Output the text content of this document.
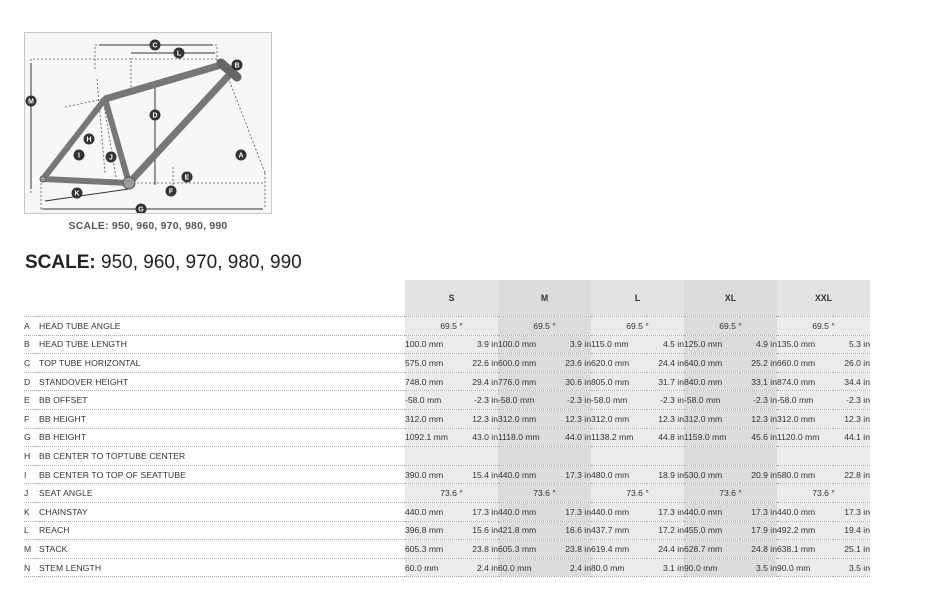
C
L
B
M
D
H
I	J	A
E
F
K
G
SCALE: 950, 960, 970, 980, 990
SCALE: 950, 960, 970, 980, 990
		S		M		L		XL		XXL	
A	HEAD TUBE ANGLE	69.5 °		69.5 °		69.5 °		69.5 °		69.5 °	
B	HEAD TUBE LENGTH	100.0 mm	3.9 in	100.0 mm	3.9 in	115.0 mm	4.5 in	125.0 mm	4.9 in	135.0 mm	5.3 in
C	TOP TUBE HORIZONTAL	575.0 mm	22.6 in	600.0 mm	23.6 in	620.0 mm	24.4 in	640.0 mm	25.2 in	660.0 mm	26.0 in
D	STANDOVER HEIGHT	748.0 mm	29.4 in	776.0 mm	30.6 in	805.0 mm	31.7 in	840.0 mm	33.1 in	874.0 mm	34.4 in
E	BB OFFSET	-58.0 mm	-2.3 in	-58.0 mm	-2.3 in	-58.0 mm	-2.3 in	-58.0 mm	-2.3 in	-58.0 mm	-2.3 in
F	BB HEIGHT	312.0 mm	12.3 in	312.0 mm	12.3 in	312.0 mm	12.3 in	312.0 mm	12.3 in	312.0 mm	12.3 in
G	BB HEIGHT	1092.1 mm	43.0 in	1118.0 mm	44.0 in	1138.2 mm	44.8 in	1159.0 mm	45.6 in	1120.0 mm	44.1 in
H	BB CENTER TO TOPTUBE CENTER										
I	BB CENTER TO TOP OF SEATTUBE	390.0 mm	15.4 in	440.0 mm	17.3 in	480.0 mm	18.9 in	530.0 mm	20.9 in	580.0 mm	22.8 in
J	SEAT ANGLE	73.6 °		73.6 °		73.6 °		73.6 °		73.6 °	
K	CHAINSTAY	440.0 mm	17.3 in	440.0 mm	17.3 in	440.0 mm	17.3 in	440.0 mm	17.3 in	440.0 mm	17.3 in
L	REACH	396.8 mm	15.6 in	421.8 mm	16.6 in	437.7 mm	17.2 in	455.0 mm	17.9 in	492.2 mm	19.4 in
M	STACK	605.3 mm	23.8 in	605.3 mm	23.8 in	619.4 mm	24.4 in	628.7 mm	24.8 in	638.1 mm	25.1 in
N	STEM LENGTH	60.0 mm	2.4 in	60.0 mm	2.4 in	80.0 mm	3.1 in	90.0 mm	3.5 in	90.0 mm	3.5 in
